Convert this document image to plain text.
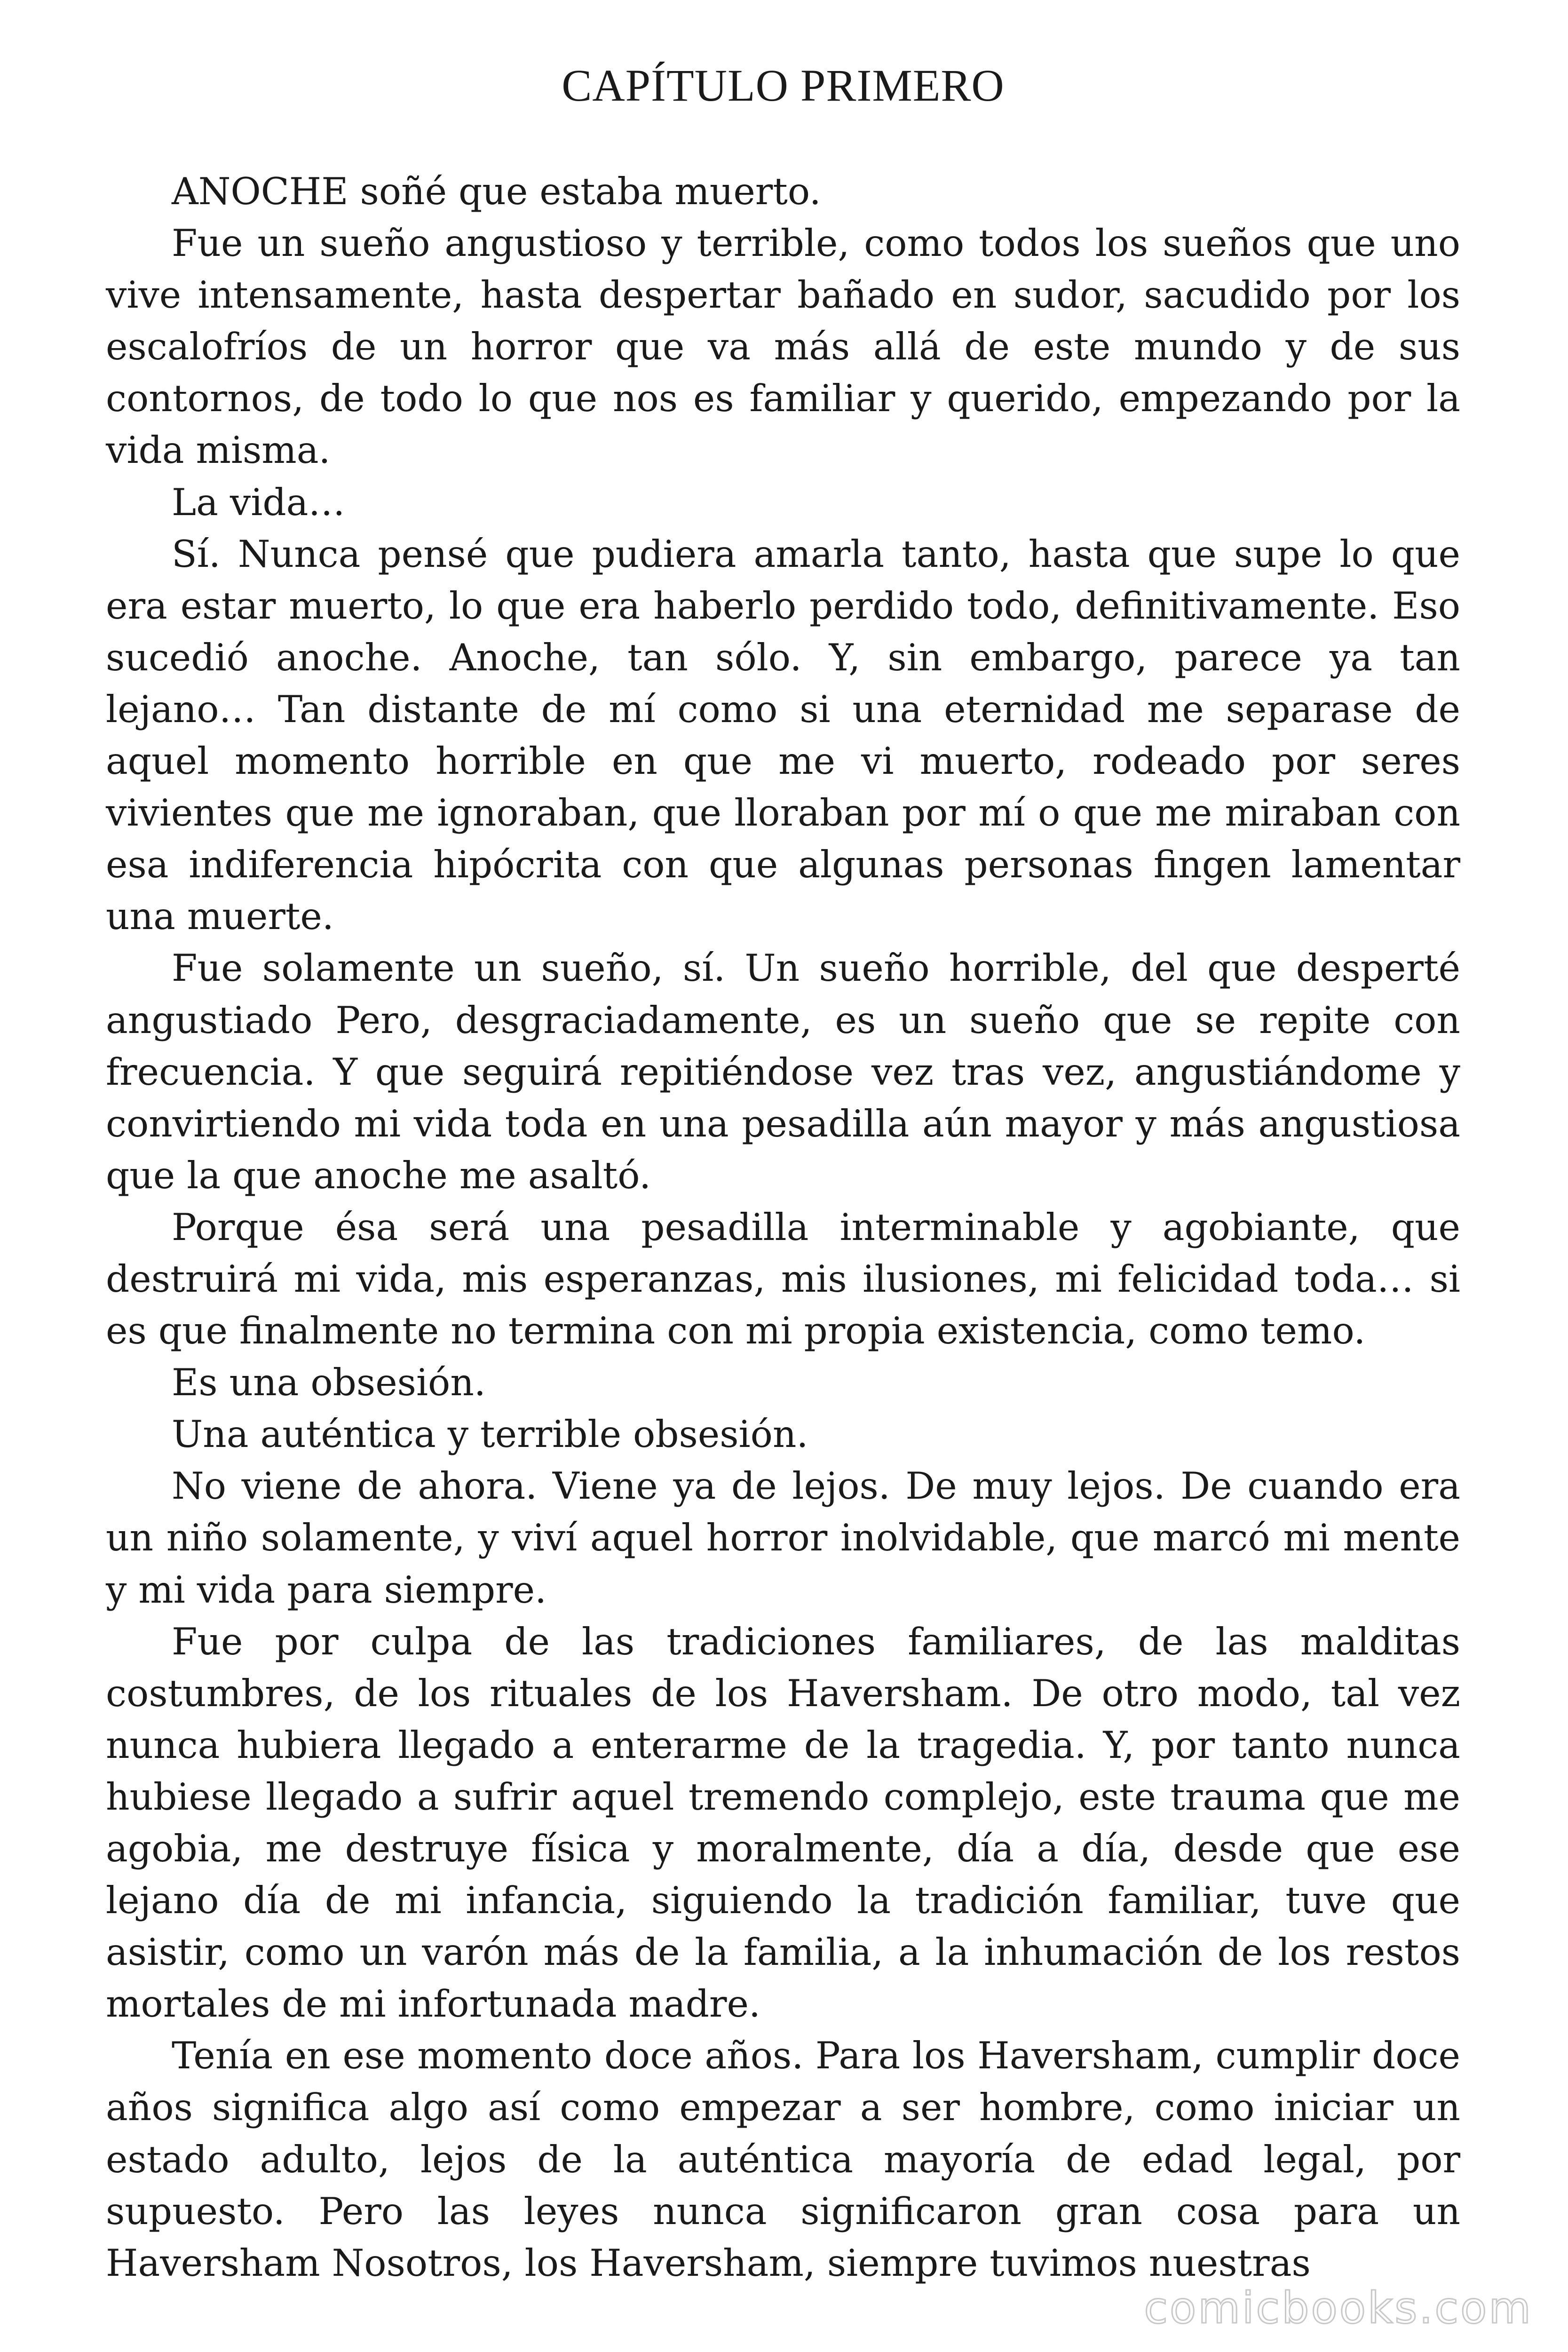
CAPÍTULO PRIMERO

ANOCHE soñé que estaba muerto.

Fue un sueño angustioso y terrible, como todos los sueños que uno vive intensamente, hasta despertar bañado en sudor, sacudido por los escalofríos de un horror que va más allá de este mundo y de sus contornos, de todo lo que nos es familiar y querido, empezando por la vida misma.

La vida…

Sí. Nunca pensé que pudiera amarla tanto, hasta que supe lo que era estar muerto, lo que era haberlo perdido todo, definitivamente. Eso sucedió anoche. Anoche, tan sólo. Y, sin embargo, parece ya tan lejano… Tan distante de mí como si una eternidad me separase de aquel momento horrible en que me vi muerto, rodeado por seres vivientes que me ignoraban, que lloraban por mí o que me miraban con esa indiferencia hipócrita con que algunas personas fingen lamentar una muerte.

Fue solamente un sueño, sí. Un sueño horrible, del que desperté angustiado Pero, desgraciadamente, es un sueño que se repite con frecuencia. Y que seguirá repitiéndose vez tras vez, angustiándome y convirtiendo mi vida toda en una pesadilla aún mayor y más angustiosa que la que anoche me asaltó.

Porque ésa será una pesadilla interminable y agobiante, que destruirá mi vida, mis esperanzas, mis ilusiones, mi felicidad toda… si es que finalmente no termina con mi propia existencia, como temo.

Es una obsesión.

Una auténtica y terrible obsesión.

No viene de ahora. Viene ya de lejos. De muy lejos. De cuando era un niño solamente, y viví aquel horror inolvidable, que marcó mi mente y mi vida para siempre.

Fue por culpa de las tradiciones familiares, de las malditas costumbres, de los rituales de los Haversham. De otro modo, tal vez nunca hubiera llegado a enterarme de la tragedia. Y, por tanto nunca hubiese llegado a sufrir aquel tremendo complejo, este trauma que me agobia, me destruye física y moralmente, día a día, desde que ese lejano día de mi infancia, siguiendo la tradición familiar, tuve que asistir, como un varón más de la familia, a la inhumación de los restos mortales de mi infortunada madre.

Tenía en ese momento doce años. Para los Haversham, cumplir doce años significa algo así como empezar a ser hombre, como iniciar un estado adulto, lejos de la auténtica mayoría de edad legal, por supuesto. Pero las leyes nunca significaron gran cosa para un Haversham Nosotros, los Haversham, siempre tuvimos nuestras

comicbooks.com
